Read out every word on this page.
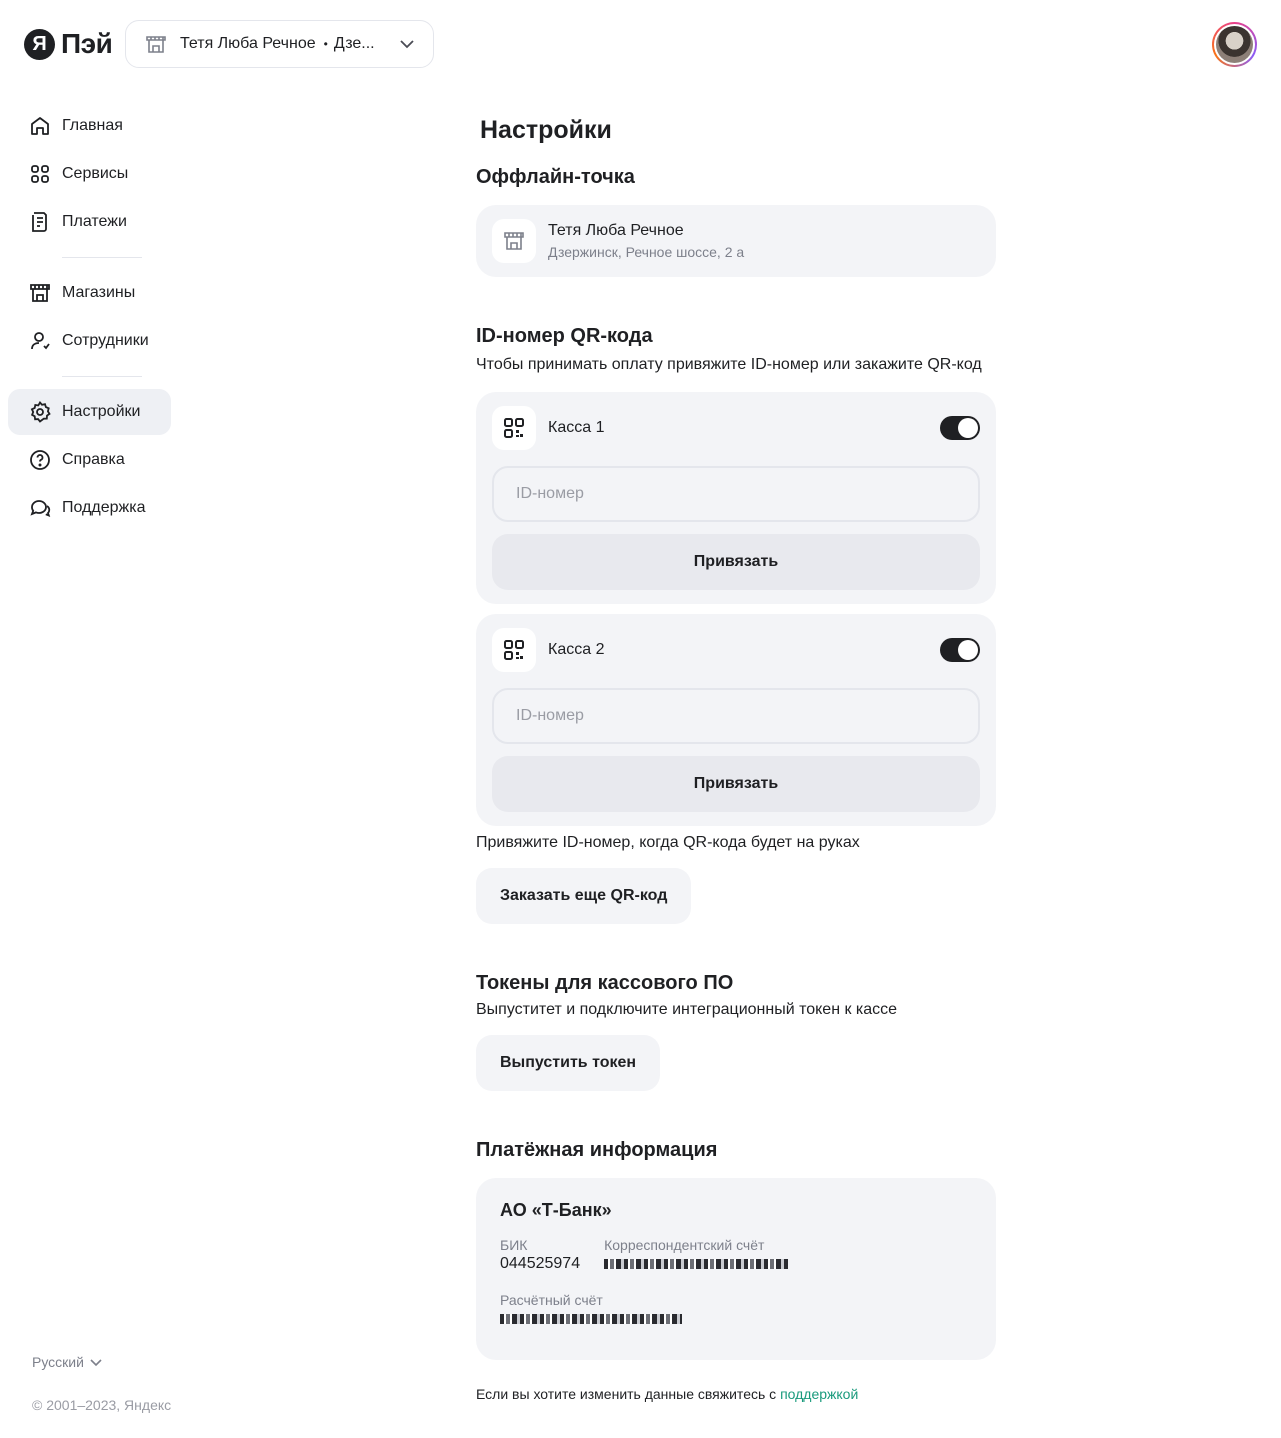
Я Пэй	Тетя Люба Речное • Дзе...
Главная
Сервисы
Платежи
Магазины
Сотрудники
Настройки
Справка
Поддержка
Русский
© 2001–2023, Яндекс
Настройки
Оффлайн-точка
Тетя Люба Речное
Дзержинск, Речное шоссе, 2 а
ID-номер QR-кода

Чтобы принимать оплату привяжите ID-номер или закажите QR-код

Касса 1
ID-номер Привязать
Касса 2
ID-номер Привязать

Привяжите ID-номер, когда QR-кода будет на руках

Заказать еще QR-код
Токены для кассового ПО

Выпуститет и подключите интеграционный токен к кассе

Выпустить токен
Платёжная информация
АО «Т-Банк»
БИК
044525974
Корреспондентский счёт
Расчётный счёт

Если вы хотите изменить данные свяжитесь с поддержкой
